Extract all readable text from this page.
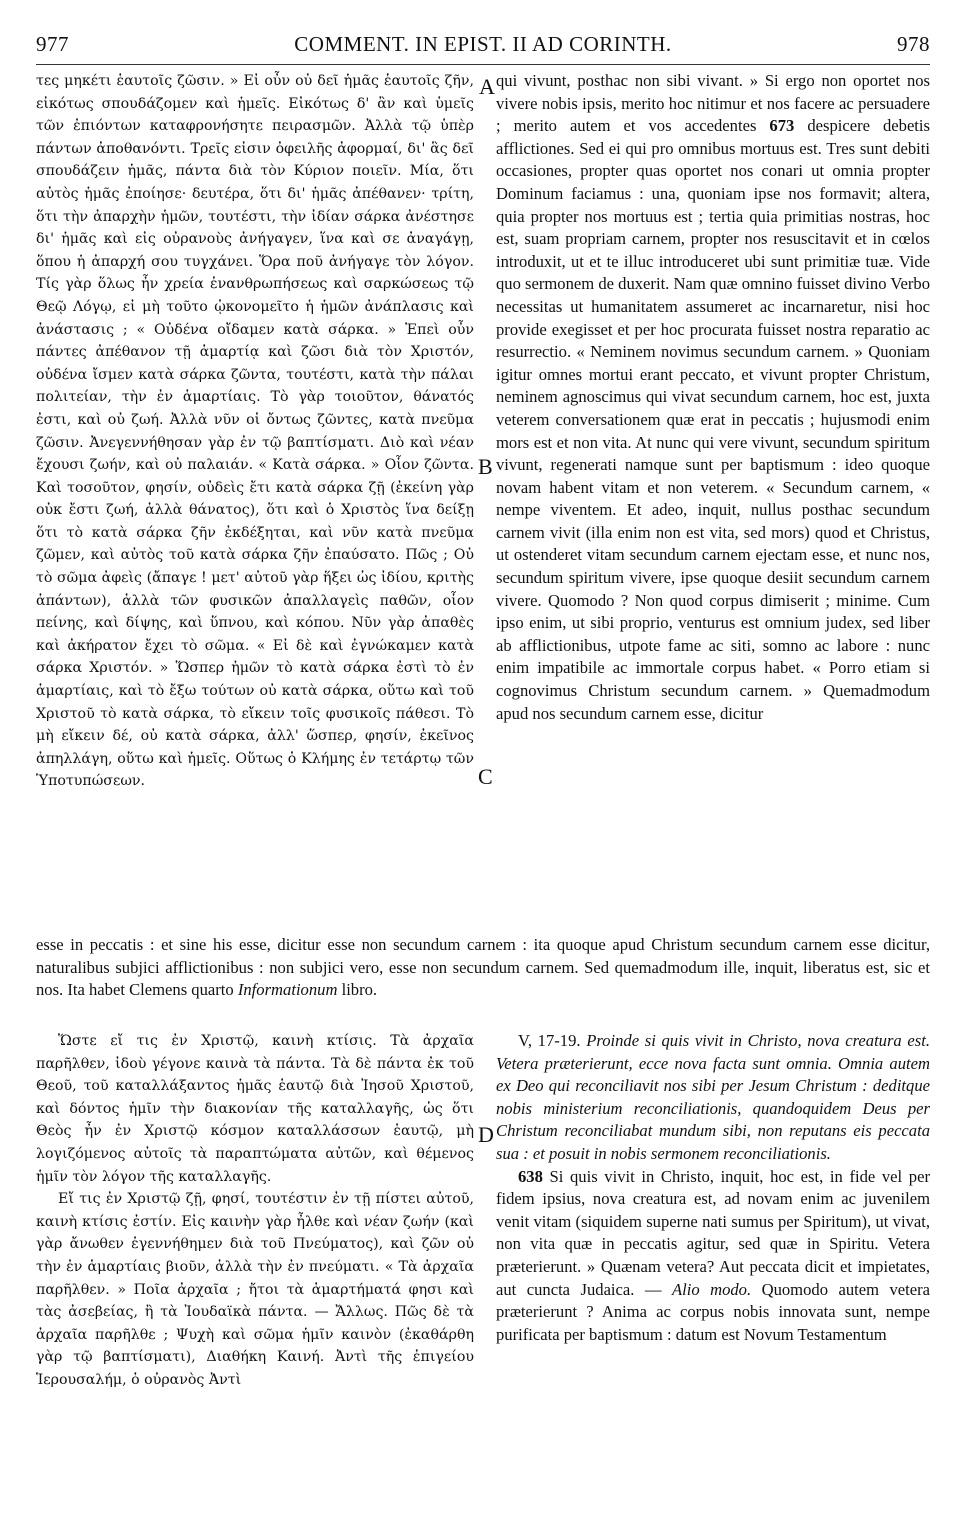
977	COMMENT. IN EPIST. II AD CORINTH.	978
A
B
C
D

τες μηκέτι ἑαυτοῖς ζῶσιν. » Εἰ οὖν οὐ δεῖ ἡμᾶς ἑαυτοῖς ζῆν, εἰκότως σπουδάζομεν καὶ ἡμεῖς. Εἰκότως δ' ἂν καὶ ὑμεῖς τῶν ἐπιόντων καταφρονήσητε πειρασμῶν. Ἀλλὰ τῷ ὑπὲρ πάντων ἀποθανόντι. Τρεῖς εἰσιν ὀφειλῆς ἀφορμαί, δι' ἃς δεῖ σπουδάζειν ἡμᾶς, πάντα διὰ τὸν Κύριον ποιεῖν. Μία, ὅτι αὐτὸς ἡμᾶς ἐποίησε· δευτέρα, ὅτι δι' ἡμᾶς ἀπέθανεν· τρίτη, ὅτι τὴν ἀπαρχὴν ἡμῶν, τουτέστι, τὴν ἰδίαν σάρκα ἀνέστησε δι' ἡμᾶς καὶ εἰς οὐρανοὺς ἀνήγαγεν, ἵνα καὶ σε ἀναγάγῃ, ὅπου ἡ ἀπαρχή σου τυγχάνει. Ὅρα ποῦ ἀνήγαγε τὸν λόγον. Τίς γὰρ ὅλως ἦν χρεία ἐνανθρωπήσεως καὶ σαρκώσεως τῷ Θεῷ Λόγῳ, εἰ μὴ τοῦτο ᾠκονομεῖτο ἡ ἡμῶν ἀνάπλασις καὶ ἀνάστασις ; « Οὐδένα οἴδαμεν κατὰ σάρκα. » Ἐπεὶ οὖν πάντες ἀπέθανον τῇ ἁμαρτίᾳ καὶ ζῶσι διὰ τὸν Χριστόν, οὐδένα ἴσμεν κατὰ σάρκα ζῶντα, τουτέστι, κατὰ τὴν πάλαι πολιτείαν, τὴν ἐν ἁμαρτίαις. Τὸ γὰρ τοιοῦτον, θάνατός ἐστι, καὶ οὐ ζωή. Ἀλλὰ νῦν οἱ ὄντως ζῶντες, κατὰ πνεῦμα ζῶσιν. Ἀνεγεννήθησαν γὰρ ἐν τῷ βαπτίσματι. Διὸ καὶ νέαν ἔχουσι ζωήν, καὶ οὐ παλαιάν. « Κατὰ σάρκα. » Οἷον ζῶντα. Καὶ τοσοῦτον, φησίν, οὐδεὶς ἔτι κατὰ σάρκα ζῇ (ἐκείνη γὰρ οὐκ ἔστι ζωή, ἀλλὰ θάνατος), ὅτι καὶ ὁ Χριστὸς ἵνα δείξῃ ὅτι τὸ κατὰ σάρκα ζῆν ἐκδέξηται, καὶ νῦν κατὰ πνεῦμα ζῶμεν, καὶ αὐτὸς τοῦ κατὰ σάρκα ζῆν ἐπαύσατο. Πῶς ; Οὐ τὸ σῶμα ἀφεὶς (ἄπαγε ! μετ' αὐτοῦ γὰρ ἥξει ὡς ἰδίου, κριτὴς ἁπάντων), ἀλλὰ τῶν φυσικῶν ἀπαλλαγεὶς παθῶν, οἷον πείνης, καὶ δίψης, καὶ ὕπνου, καὶ κόπου. Νῦν γὰρ ἀπαθὲς καὶ ἀκήρατον ἔχει τὸ σῶμα. « Εἰ δὲ καὶ ἐγνώκαμεν κατὰ σάρκα Χριστόν. » Ὥσπερ ἡμῶν τὸ κατὰ σάρκα ἐστὶ τὸ ἐν ἁμαρτίαις, καὶ τὸ ἔξω τούτων οὐ κατὰ σάρκα, οὕτω καὶ τοῦ Χριστοῦ τὸ κατὰ σάρκα, τὸ εἴκειν τοῖς φυσικοῖς πάθεσι. Τὸ μὴ εἴκειν δέ, οὐ κατὰ σάρκα, ἀλλ' ὥσπερ, φησίν, ἐκεῖνος ἀπηλλάγη, οὕτω καὶ ἡμεῖς. Οὕτως ὁ Κλήμης ἐν τετάρτῳ τῶν Ὑποτυπώσεων.

qui vivunt, posthac non sibi vivant. » Si ergo non oportet nos vivere nobis ipsis, merito hoc nitimur et nos facere ac persuadere ; merito autem et vos accedentes 673 despicere debetis afflictiones. Sed ei qui pro omnibus mortuus est. Tres sunt debiti occasiones, propter quas oportet nos conari ut omnia propter Dominum faciamus : una, quoniam ipse nos formavit; altera, quia propter nos mortuus est ; tertia quia primitias nostras, hoc est, suam propriam carnem, propter nos resuscitavit et in cœlos introduxit, ut et te illuc introduceret ubi sunt primitiæ tuæ. Vide quo sermonem de duxerit. Nam quæ omnino fuisset divino Verbo necessitas ut humanitatem assumeret ac incarnaretur, nisi hoc provide exegisset et per hoc procurata fuisset nostra reparatio ac resurrectio. « Neminem novimus secundum carnem. » Quoniam igitur omnes mortui erant peccato, et vivunt propter Christum, neminem agnoscimus qui vivat secundum carnem, hoc est, juxta veterem conversationem quæ erat in peccatis ; hujusmodi enim mors est et non vita. At nunc qui vere vivunt, secundum spiritum vivunt, regenerati namque sunt per baptismum : ideo quoque novam habent vitam et non veterem. « Secundum carnem, « nempe viventem. Et adeo, inquit, nullus posthac secundum carnem vivit (illa enim non est vita, sed mors) quod et Christus, ut ostenderet vitam secundum carnem ejectam esse, et nunc nos, secundum spiritum vivere, ipse quoque desiit secundum carnem vivere. Quomodo ? Non quod corpus dimiserit ; minime. Cum ipso enim, ut sibi proprio, venturus est omnium judex, sed liber ab afflictionibus, utpote fame ac siti, somno ac labore : nunc enim impatibile ac immortale corpus habet. « Porro etiam si cognovimus Christum secundum carnem. » Quemadmodum apud nos secundum carnem esse, dicitur

esse in peccatis : et sine his esse, dicitur esse non secundum carnem : ita quoque apud Christum secundum carnem esse dicitur, naturalibus subjici afflictionibus : non subjici vero, esse non secundum carnem. Sed quemadmodum ille, inquit, liberatus est, sic et nos. Ita habet Clemens quarto Informationum libro.

Ὥστε εἴ τις ἐν Χριστῷ, καινὴ κτίσις. Τὰ ἀρχαῖα παρῆλθεν, ἰδοὺ γέγονε καινὰ τὰ πάντα. Τὰ δὲ πάντα ἐκ τοῦ Θεοῦ, τοῦ καταλλάξαντος ἡμᾶς ἑαυτῷ διὰ Ἰησοῦ Χριστοῦ, καὶ δόντος ἡμῖν τὴν διακονίαν τῆς καταλλαγῆς, ὡς ὅτι Θεὸς ἦν ἐν Χριστῷ κόσμον καταλλάσσων ἑαυτῷ, μὴ λογιζόμενος αὐτοῖς τὰ παραπτώματα αὐτῶν, καὶ θέμενος ἡμῖν τὸν λόγον τῆς καταλλαγῆς.

Εἴ τις ἐν Χριστῷ ζῇ, φησί, τουτέστιν ἐν τῇ πίστει αὐτοῦ, καινὴ κτίσις ἐστίν. Εἰς καινὴν γὰρ ἦλθε καὶ νέαν ζωήν (καὶ γὰρ ἄνωθεν ἐγεννήθημεν διὰ τοῦ Πνεύματος), καὶ ζῶν οὐ τὴν ἐν ἁμαρτίαις βιοῦν, ἀλλὰ τὴν ἐν πνεύματι. « Τὰ ἀρχαῖα παρῆλθεν. » Ποῖα ἀρχαῖα ; ἤτοι τὰ ἁμαρτήματά φησι καὶ τὰς ἀσεβείας, ἢ τὰ Ἰουδαϊκὰ πάντα. — Ἄλλως. Πῶς δὲ τὰ ἀρχαῖα παρῆλθε ; Ψυχὴ καὶ σῶμα ἡμῖν καινὸν (ἐκαθάρθη γὰρ τῷ βαπτίσματι), Διαθήκη Καινή. Ἀντὶ τῆς ἐπιγείου Ἱερουσαλήμ, ὁ οὐρανὸς Ἀντὶ

V, 17-19. Proinde si quis vivit in Christo, nova creatura est. Vetera præterierunt, ecce nova facta sunt omnia. Omnia autem ex Deo qui reconciliavit nos sibi per Jesum Christum : deditque nobis ministerium reconciliationis, quandoquidem Deus per Christum reconciliabat mundum sibi, non reputans eis peccata sua : et posuit in nobis sermonem reconciliationis.

638 Si quis vivit in Christo, inquit, hoc est, in fide vel per fidem ipsius, nova creatura est, ad novam enim ac juvenilem venit vitam (siquidem superne nati sumus per Spiritum), ut vivat, non vita quæ in peccatis agitur, sed quæ in Spiritu. Vetera præterierunt. » Quænam vetera? Aut peccata dicit et impietates, aut cuncta Judaica. — Alio modo. Quomodo autem vetera præterierunt ? Anima ac corpus nobis innovata sunt, nempe purificata per baptismum : datum est Novum Testamentum
